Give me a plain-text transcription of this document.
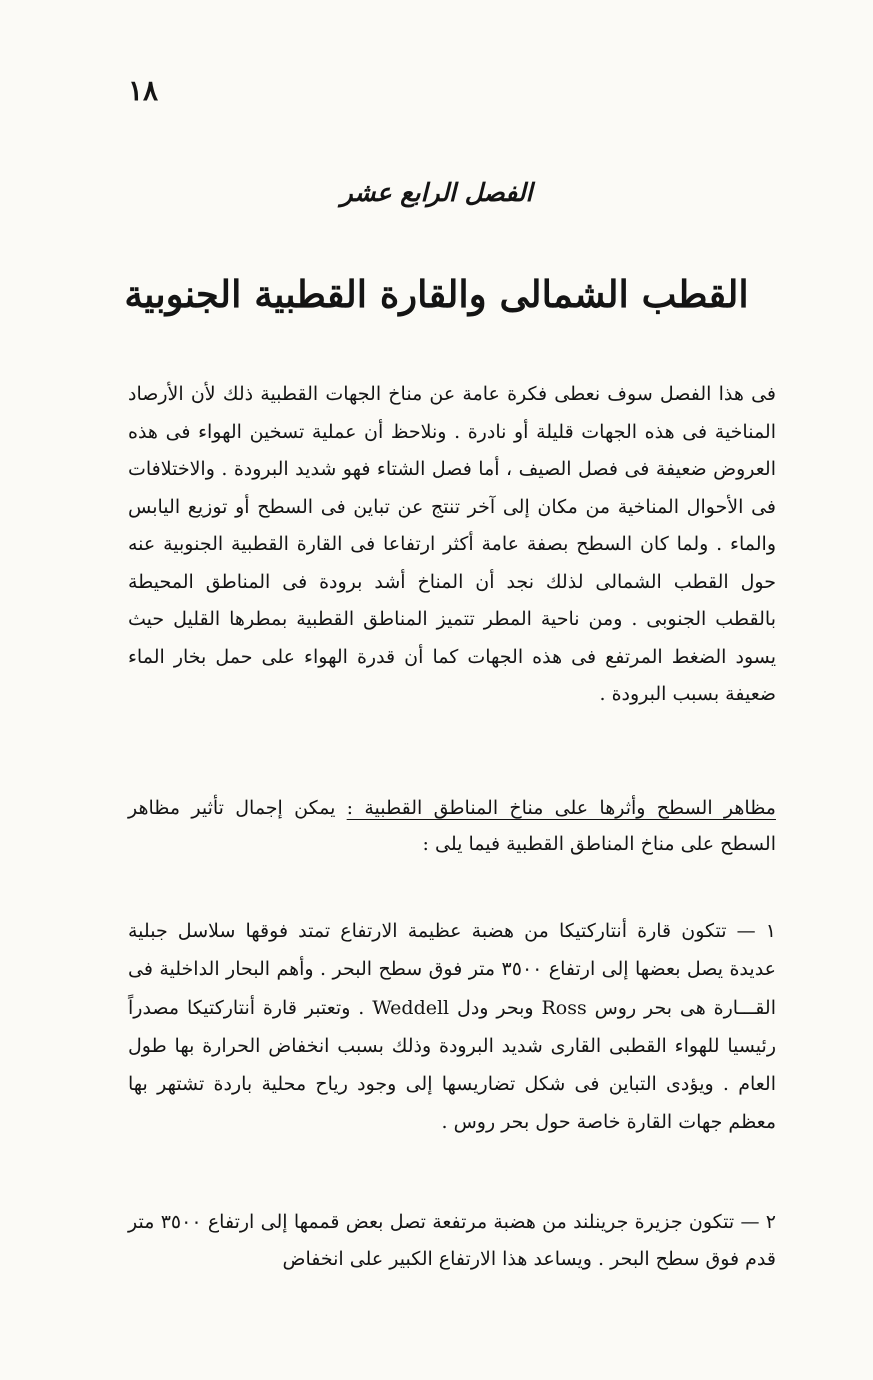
١٨
الفصل الرابع عشر
القطب الشمالى والقارة القطبية الجنوبية

فى هذا الفصل سوف نعطى فكرة عامة عن مناخ الجهات القطبية ذلك لأن الأرصاد المناخية فى هذه الجهات قليلة أو نادرة . ونلاحظ أن عملية تسخين الهواء فى هذه العروض ضعيفة فى فصل الصيف ، أما فصل الشتاء فهو شديد البرودة . والاختلافات فى الأحوال المناخية من مكان إلى آخر تنتج عن تباين فى السطح أو توزيع اليابس والماء . ولما كان السطح بصفة عامة أكثر ارتفاعا فى القارة القطبية الجنوبية عنه حول القطب الشمالى لذلك نجد أن المناخ أشد برودة فى المناطق المحيطة بالقطب الجنوبى . ومن ناحية المطر تتميز المناطق القطبية بمطرها القليل حيث يسود الضغط المرتفع فى هذه الجهات كما أن قدرة الهواء على حمل بخار الماء ضعيفة بسبب البرودة .

مظاهر السطح وأثرها على مناخ المناطق القطبية : يمكن إجمال تأثير مظاهر السطح على مناخ المناطق القطبية فيما يلى :

١ — تتكون قارة أنتاركتيكا من هضبة عظيمة الارتفاع تمتد فوقها سلاسل جبلية عديدة يصل بعضها إلى ارتفاع ٣٥٠٠ متر فوق سطح البحر . وأهم البحار الداخلية فى القـــارة هى بحر روس Ross وبحر ودل Weddell . وتعتبر قارة أنتاركتيكا مصدراً رئيسيا للهواء القطبى القارى شديد البرودة وذلك بسبب انخفاض الحرارة بها طول العام . ويؤدى التباين فى شكل تضاريسها إلى وجود رياح محلية باردة تشتهر بها معظم جهات القارة خاصة حول بحر روس .

٢ — تتكون جزيرة جرينلند من هضبة مرتفعة تصل بعض قممها إلى ارتفاع ٣٥٠٠ متر قدم فوق سطح البحر . ويساعد هذا الارتفاع الكبير على انخفاض
